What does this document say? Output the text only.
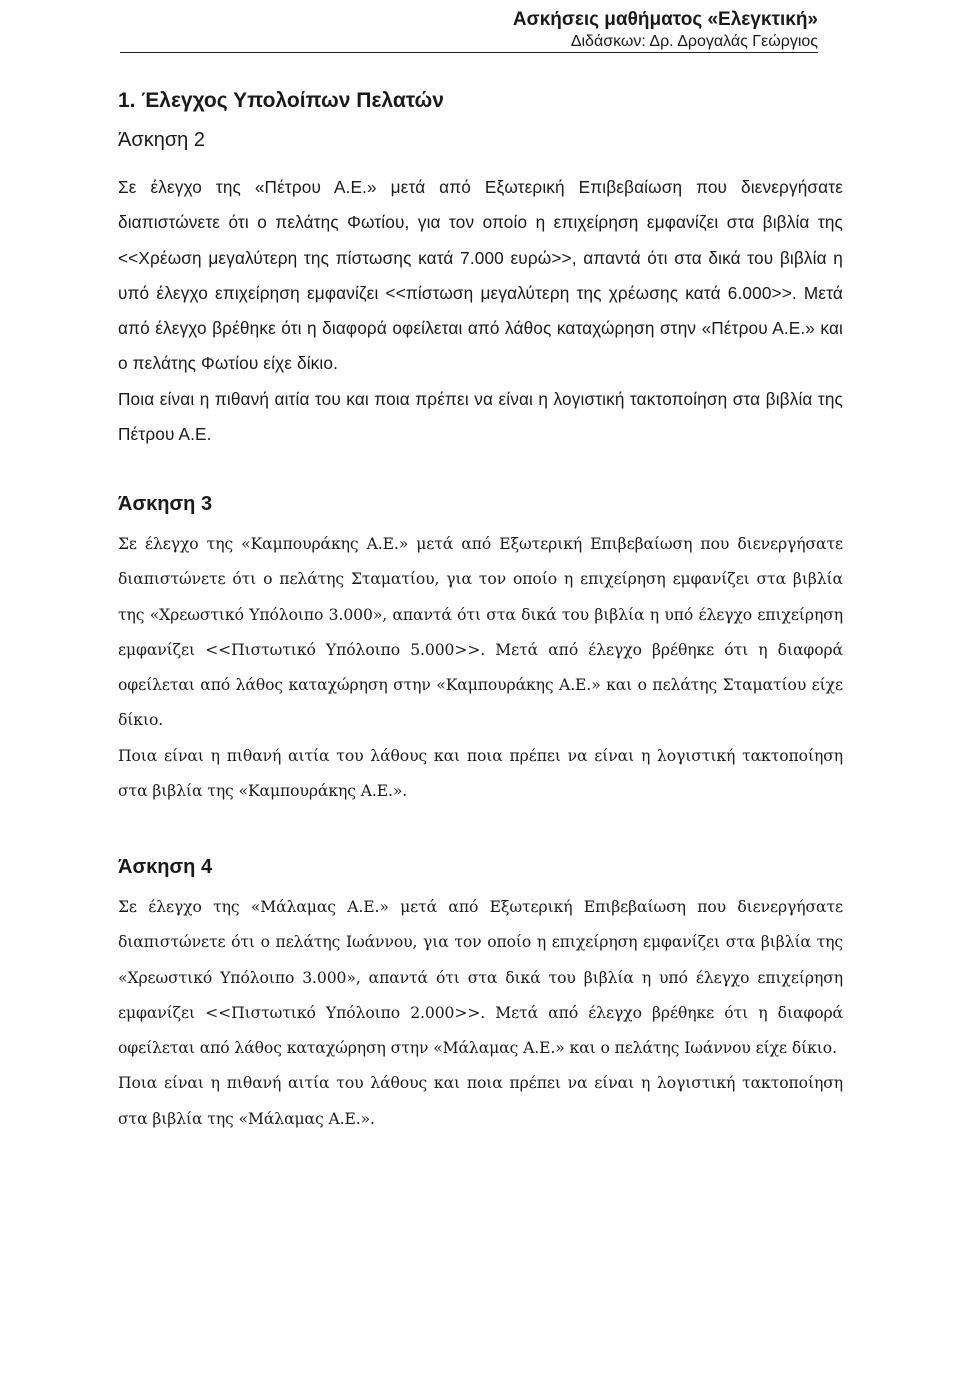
Ασκήσεις μαθήματος «Ελεγκτική»
Διδάσκων: Δρ. Δρογαλάς Γεώργιος
1. Έλεγχος Υπολοίπων Πελατών
Άσκηση 2

Σε έλεγχο της «Πέτρου Α.Ε.» μετά από Εξωτερική Επιβεβαίωση που διενεργήσατε διαπιστώνετε ότι ο πελάτης Φωτίου, για τον οποίο η επιχείρηση εμφανίζει στα βιβλία της <<Χρέωση μεγαλύτερη της πίστωσης κατά 7.000 ευρώ>>, απαντά ότι στα δικά του βιβλία η υπό έλεγχο επιχείρηση εμφανίζει <<πίστωση μεγαλύτερη της χρέωσης κατά 6.000>>. Μετά από έλεγχο βρέθηκε ότι η διαφορά οφείλεται από λάθος καταχώρηση στην «Πέτρου Α.Ε.» και ο πελάτης Φωτίου είχε δίκιο.

Ποια είναι η πιθανή αιτία του και ποια πρέπει να είναι η λογιστική τακτοποίηση στα βιβλία της Πέτρου Α.Ε.

Άσκηση 3

Σε έλεγχο της «Καμπουράκης Α.Ε.» μετά από Εξωτερική Επιβεβαίωση που διενεργήσατε διαπιστώνετε ότι ο πελάτης Σταματίου, για τον οποίο η επιχείρηση εμφανίζει στα βιβλία της «Χρεωστικό Υπόλοιπο 3.000», απαντά ότι στα δικά του βιβλία η υπό έλεγχο επιχείρηση εμφανίζει <<Πιστωτικό Υπόλοιπο 5.000>>. Μετά από έλεγχο βρέθηκε ότι η διαφορά οφείλεται από λάθος καταχώρηση στην «Καμπουράκης Α.Ε.» και ο πελάτης Σταματίου είχε δίκιο.

Ποια είναι η πιθανή αιτία του λάθους και ποια πρέπει να είναι η λογιστική τακτοποίηση στα βιβλία της «Καμπουράκης Α.Ε.».

Άσκηση 4

Σε έλεγχο της «Μάλαμας Α.Ε.» μετά από Εξωτερική Επιβεβαίωση που διενεργήσατε διαπιστώνετε ότι ο πελάτης Ιωάννου, για τον οποίο η επιχείρηση εμφανίζει στα βιβλία της «Χρεωστικό Υπόλοιπο 3.000», απαντά ότι στα δικά του βιβλία η υπό έλεγχο επιχείρηση εμφανίζει <<Πιστωτικό Υπόλοιπο 2.000>>. Μετά από έλεγχο βρέθηκε ότι η διαφορά οφείλεται από λάθος καταχώρηση στην «Μάλαμας Α.Ε.» και ο πελάτης Ιωάννου είχε δίκιο.

Ποια είναι η πιθανή αιτία του λάθους και ποια πρέπει να είναι η λογιστική τακτοποίηση στα βιβλία της «Μάλαμας Α.Ε.».
